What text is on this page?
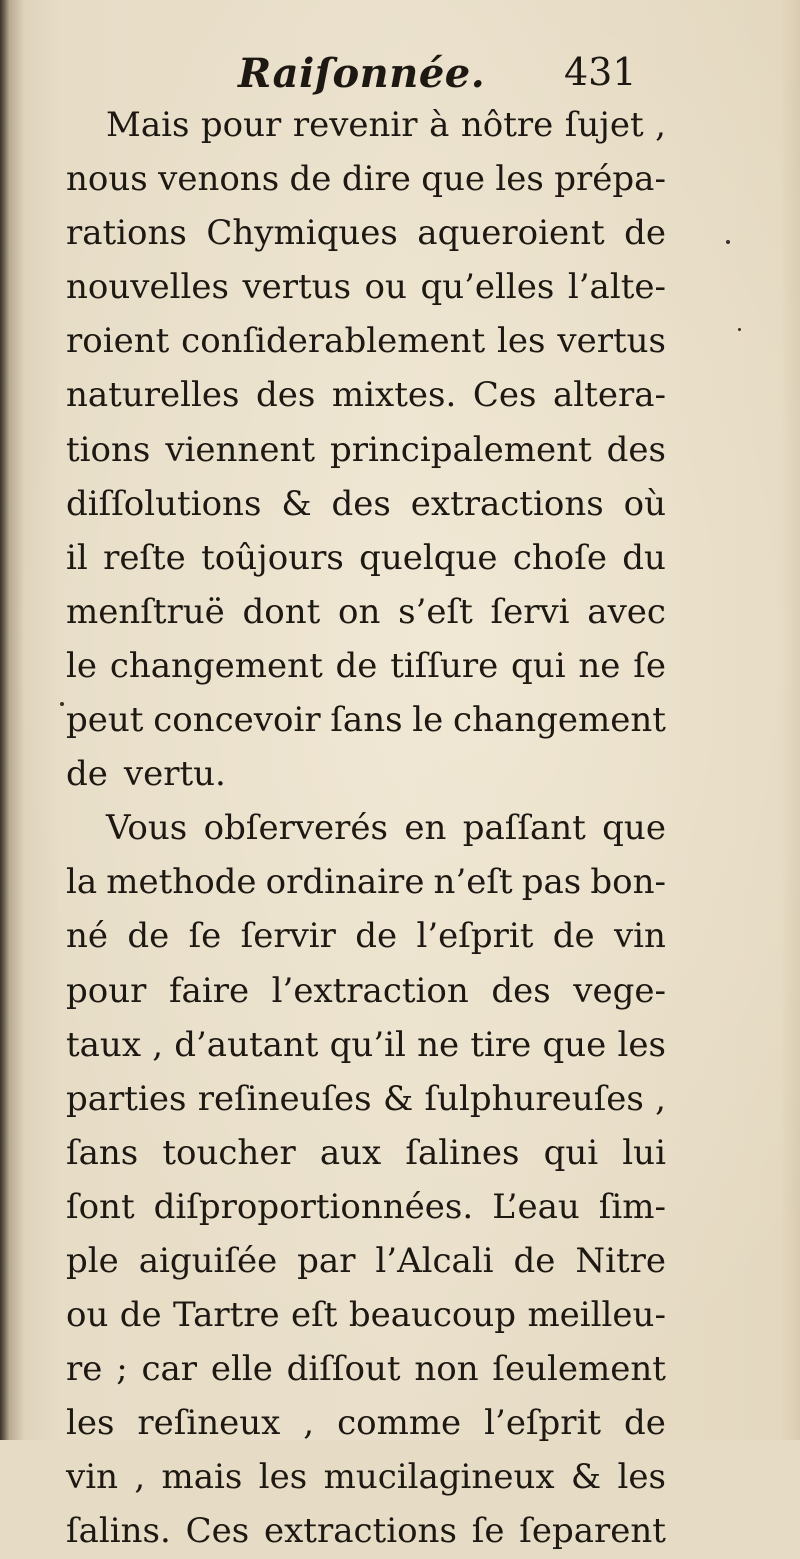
Raiſonnée. 431
Mais pour revenir à nôtre ſujet ,
nous venons de dire que les prépa-
rations Chymiques aqueroient de
nouvelles vertus ou qu’elles l’alte-
roient conſiderablement les vertus
naturelles des mixtes. Ces altera-
tions viennent principalement des
diſſolutions & des extractions où
il reſte toûjours quelque choſe du
menſtruë dont on s’eſt ſervi avec
le changement de tiſſure qui ne ſe
peut concevoir ſans le changement
de vertu.
Vous obſerverés en paſſant que
la methode ordinaire n’eſt pas bon-
né de ſe ſervir de l’eſprit de vin
pour faire l’extraction des vege-
taux , d’autant qu’il ne tire que les
parties reſineuſes & ſulphureuſes ,
ſans toucher aux ſalines qui lui
ſont diſproportionnées. L’eau ſim-
ple aiguiſée par l’Alcali de Nitre
ou de Tartre eſt beaucoup meilleu-
re ; car elle diſſout non ſeulement
les reſineux , comme l’eſprit de
vin , mais les mucilagineux & les
ſalins. Ces extractions ſe ſeparent
